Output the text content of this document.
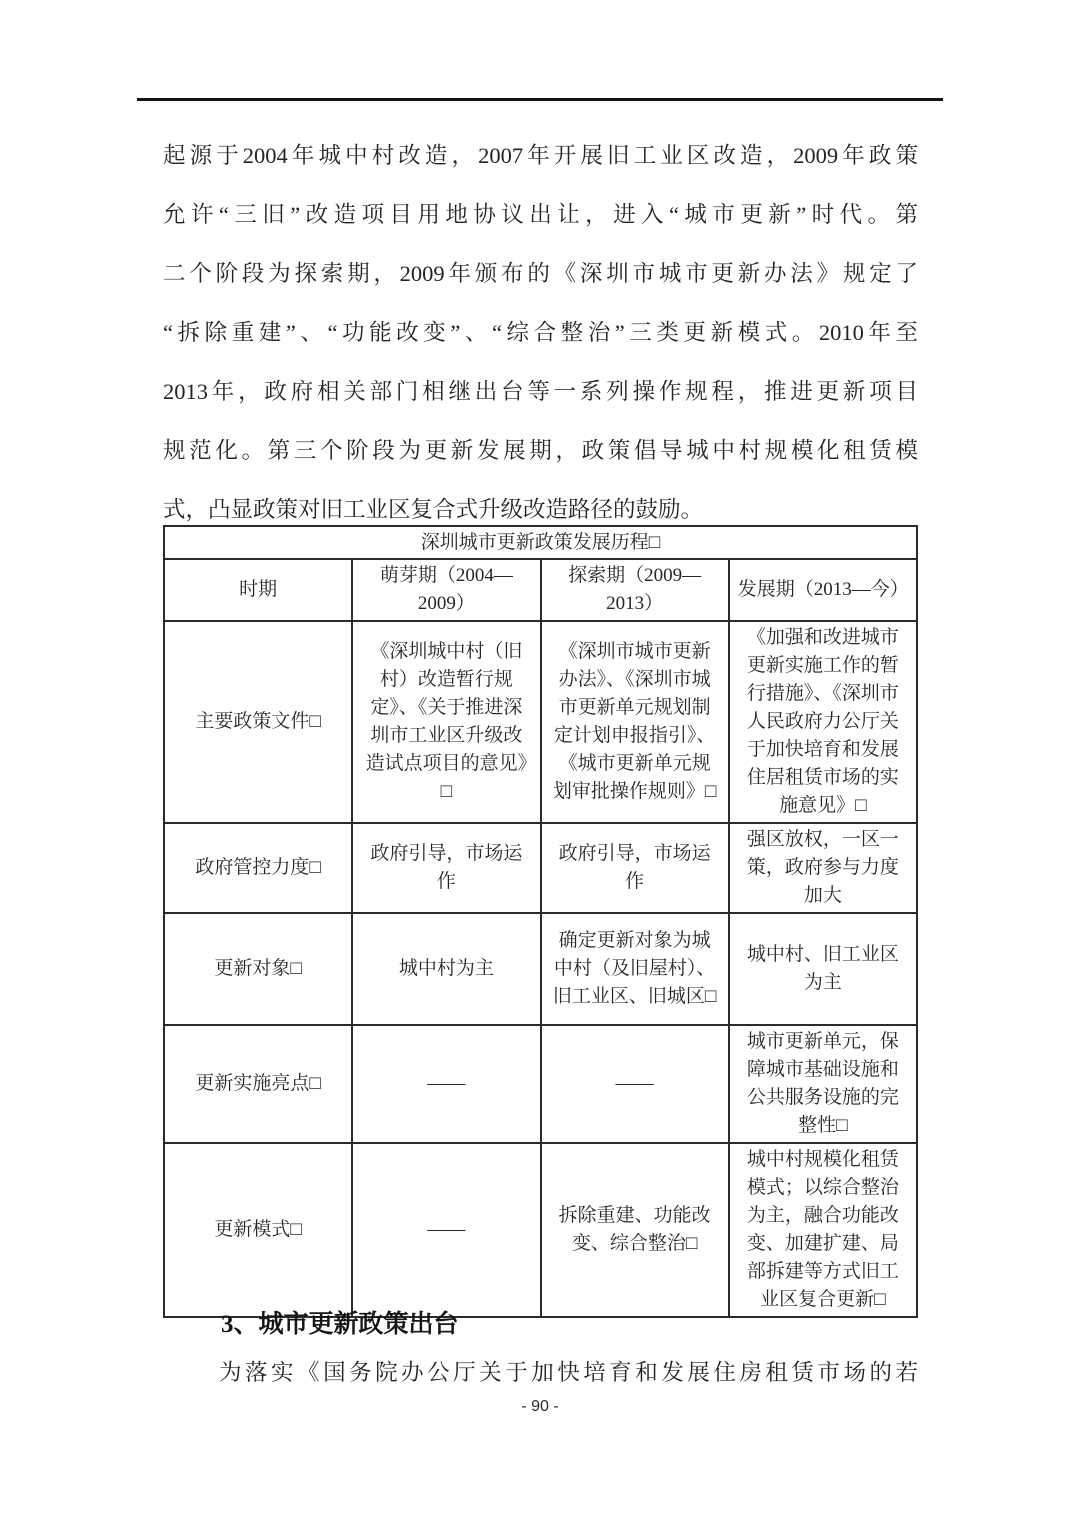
起源于2004年城中村改造，2007年开展旧工业区改造，2009年政策
允许“三旧”改造项目用地协议出让，进入“城市更新”时代。第
二个阶段为探索期，2009年颁布的《深圳市城市更新办法》规定了
“拆除重建”、“功能改变”、“综合整治”三类更新模式。2010年至
2013年，政府相关部门相继出台等一系列操作规程，推进更新项目
规范化。第三个阶段为更新发展期，政策倡导城中村规模化租赁模
式，凸显政策对旧工业区复合式升级改造路径的鼓励。
深圳城市更新政策发展历程□			
时期	萌芽期（2004—2009）	探索期（2009—2013）	发展期（2013—今）
主要政策文件□	《深圳城中村（旧村）改造暂行规定》、《关于推进深圳市工业区升级改造试点项目的意见》□	《深圳市城市更新办法》、《深圳市城市更新单元规划制定计划申报指引》、《城市更新单元规划审批操作规则》□	《加强和改进城市更新实施工作的暂行措施》、《深圳市人民政府力公厅关于加快培育和发展住居租赁市场的实施意见》□
政府管控力度□	政府引导，市场运作	政府引导，市场运作	强区放权，一区一策，政府参与力度加大
更新对象□	城中村为主	确定更新对象为城中村（及旧屋村）、旧工业区、旧城区□	城中村、旧工业区为主
更新实施亮点□	——	——	城市更新单元，保障城市基础设施和公共服务设施的完整性□
更新模式□	——	拆除重建、功能改变、综合整治□	城中村规模化租赁模式；以综合整治为主，融合功能改变、加建扩建、局部拆建等方式旧工业区复合更新□
3、城市更新政策出台
为落实《国务院办公厅关于加快培育和发展住房租赁市场的若
- 90 -
